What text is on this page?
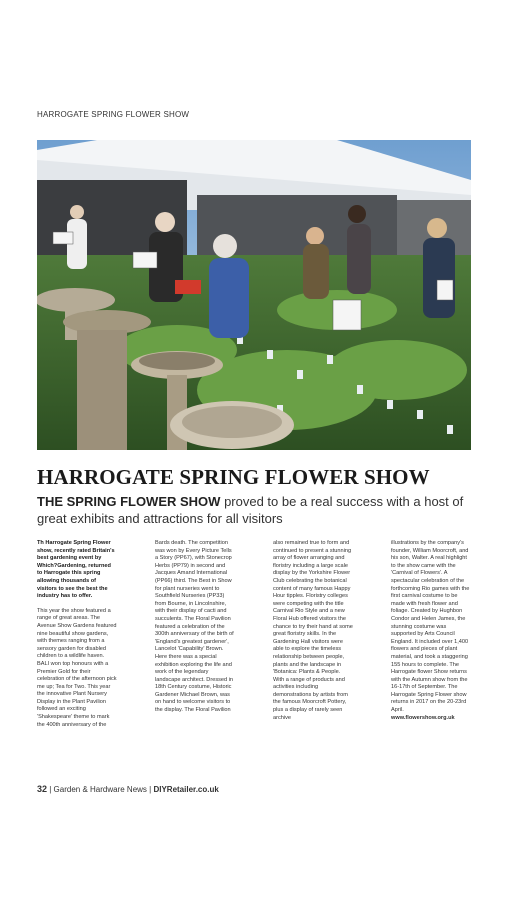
HARROGATE SPRING FLOWER SHOW
HARROGATE SPRING FLOWER SHOW
THE SPRING FLOWER SHOW proved to be a real success with a host of great exhibits and attractions for all visitors

Th Harrogate Spring Flower show, recently rated Britain's best gardening event by Which?Gardening, returned to Harrogate this spring allowing thousands of visitors to see the best the industry has to offer.

This year the show featured a range of great areas. The Avenue Show Gardens featured nine beautiful show gardens, with themes ranging from a sensory garden for disabled children to a wildlife haven. BALI won top honours with a Premier Gold for their celebration of the afternoon pick me up; Tea for Two. This year the innovative Plant Nursery Display in the Plant Pavilion followed an exciting 'Shakespeare' theme to mark the 400th anniversary of the

Bards death. The competition was won by Every Picture Tells a Story (PP67), with Stonecrop Herbs (PP79) in second and Jacques Amand International (PP66) third. The Best in Show for plant nurseries went to Southfield Nurseries (PP33) from Bourne, in Lincolnshire, with their display of cacti and succulents. The Floral Pavilion featured a celebration of the 300th anniversary of the birth of 'England's greatest gardener', Lancelot 'Capability' Brown. Here there was a special exhibition exploring the life and work of the legendary landscape architect. Dressed in 18th Century costume, Historic Gardener Michael Brown, was on hand to welcome visitors to the display. The Floral Pavilion

also remained true to form and continued to present a stunning array of flower arranging and floristry including a large scale display by the Yorkshire Flower Club celebrating the botanical content of many famous Happy Hour tipples. Floristry colleges were competing with the title Carnival Rio Style and a new Floral Hub offered visitors the chance to try their hand at some great floristry skills. In the Gardening Hall visitors were able to explore the timeless relationship between people, plants and the landscape in 'Botanica: Plants & People. With a range of products and activities including demonstrations by artists from the famous Moorcroft Pottery, plus a display of rarely seen archive

illustrations by the company's founder, William Moorcroft, and his son, Walter. A real highlight to the show came with the 'Carnival of Flowers'. A spectacular celebration of the forthcoming Rio games with the first carnival costume to be made with fresh flower and foliage. Created by Hughbon Condor and Helen James, the stunning costume was supported by Arts Council England. It included over 1,400 flowers and pieces of plant material, and took a staggering 155 hours to complete. The Harrogate flower Show returns with the Autumn show from the 16-17th of September. The Harrogate Spring Flower show returns in 2017 on the 20-23rd April.

www.flowershow.org.uk

32 | Garden & Hardware News | DIYRetailer.co.uk
